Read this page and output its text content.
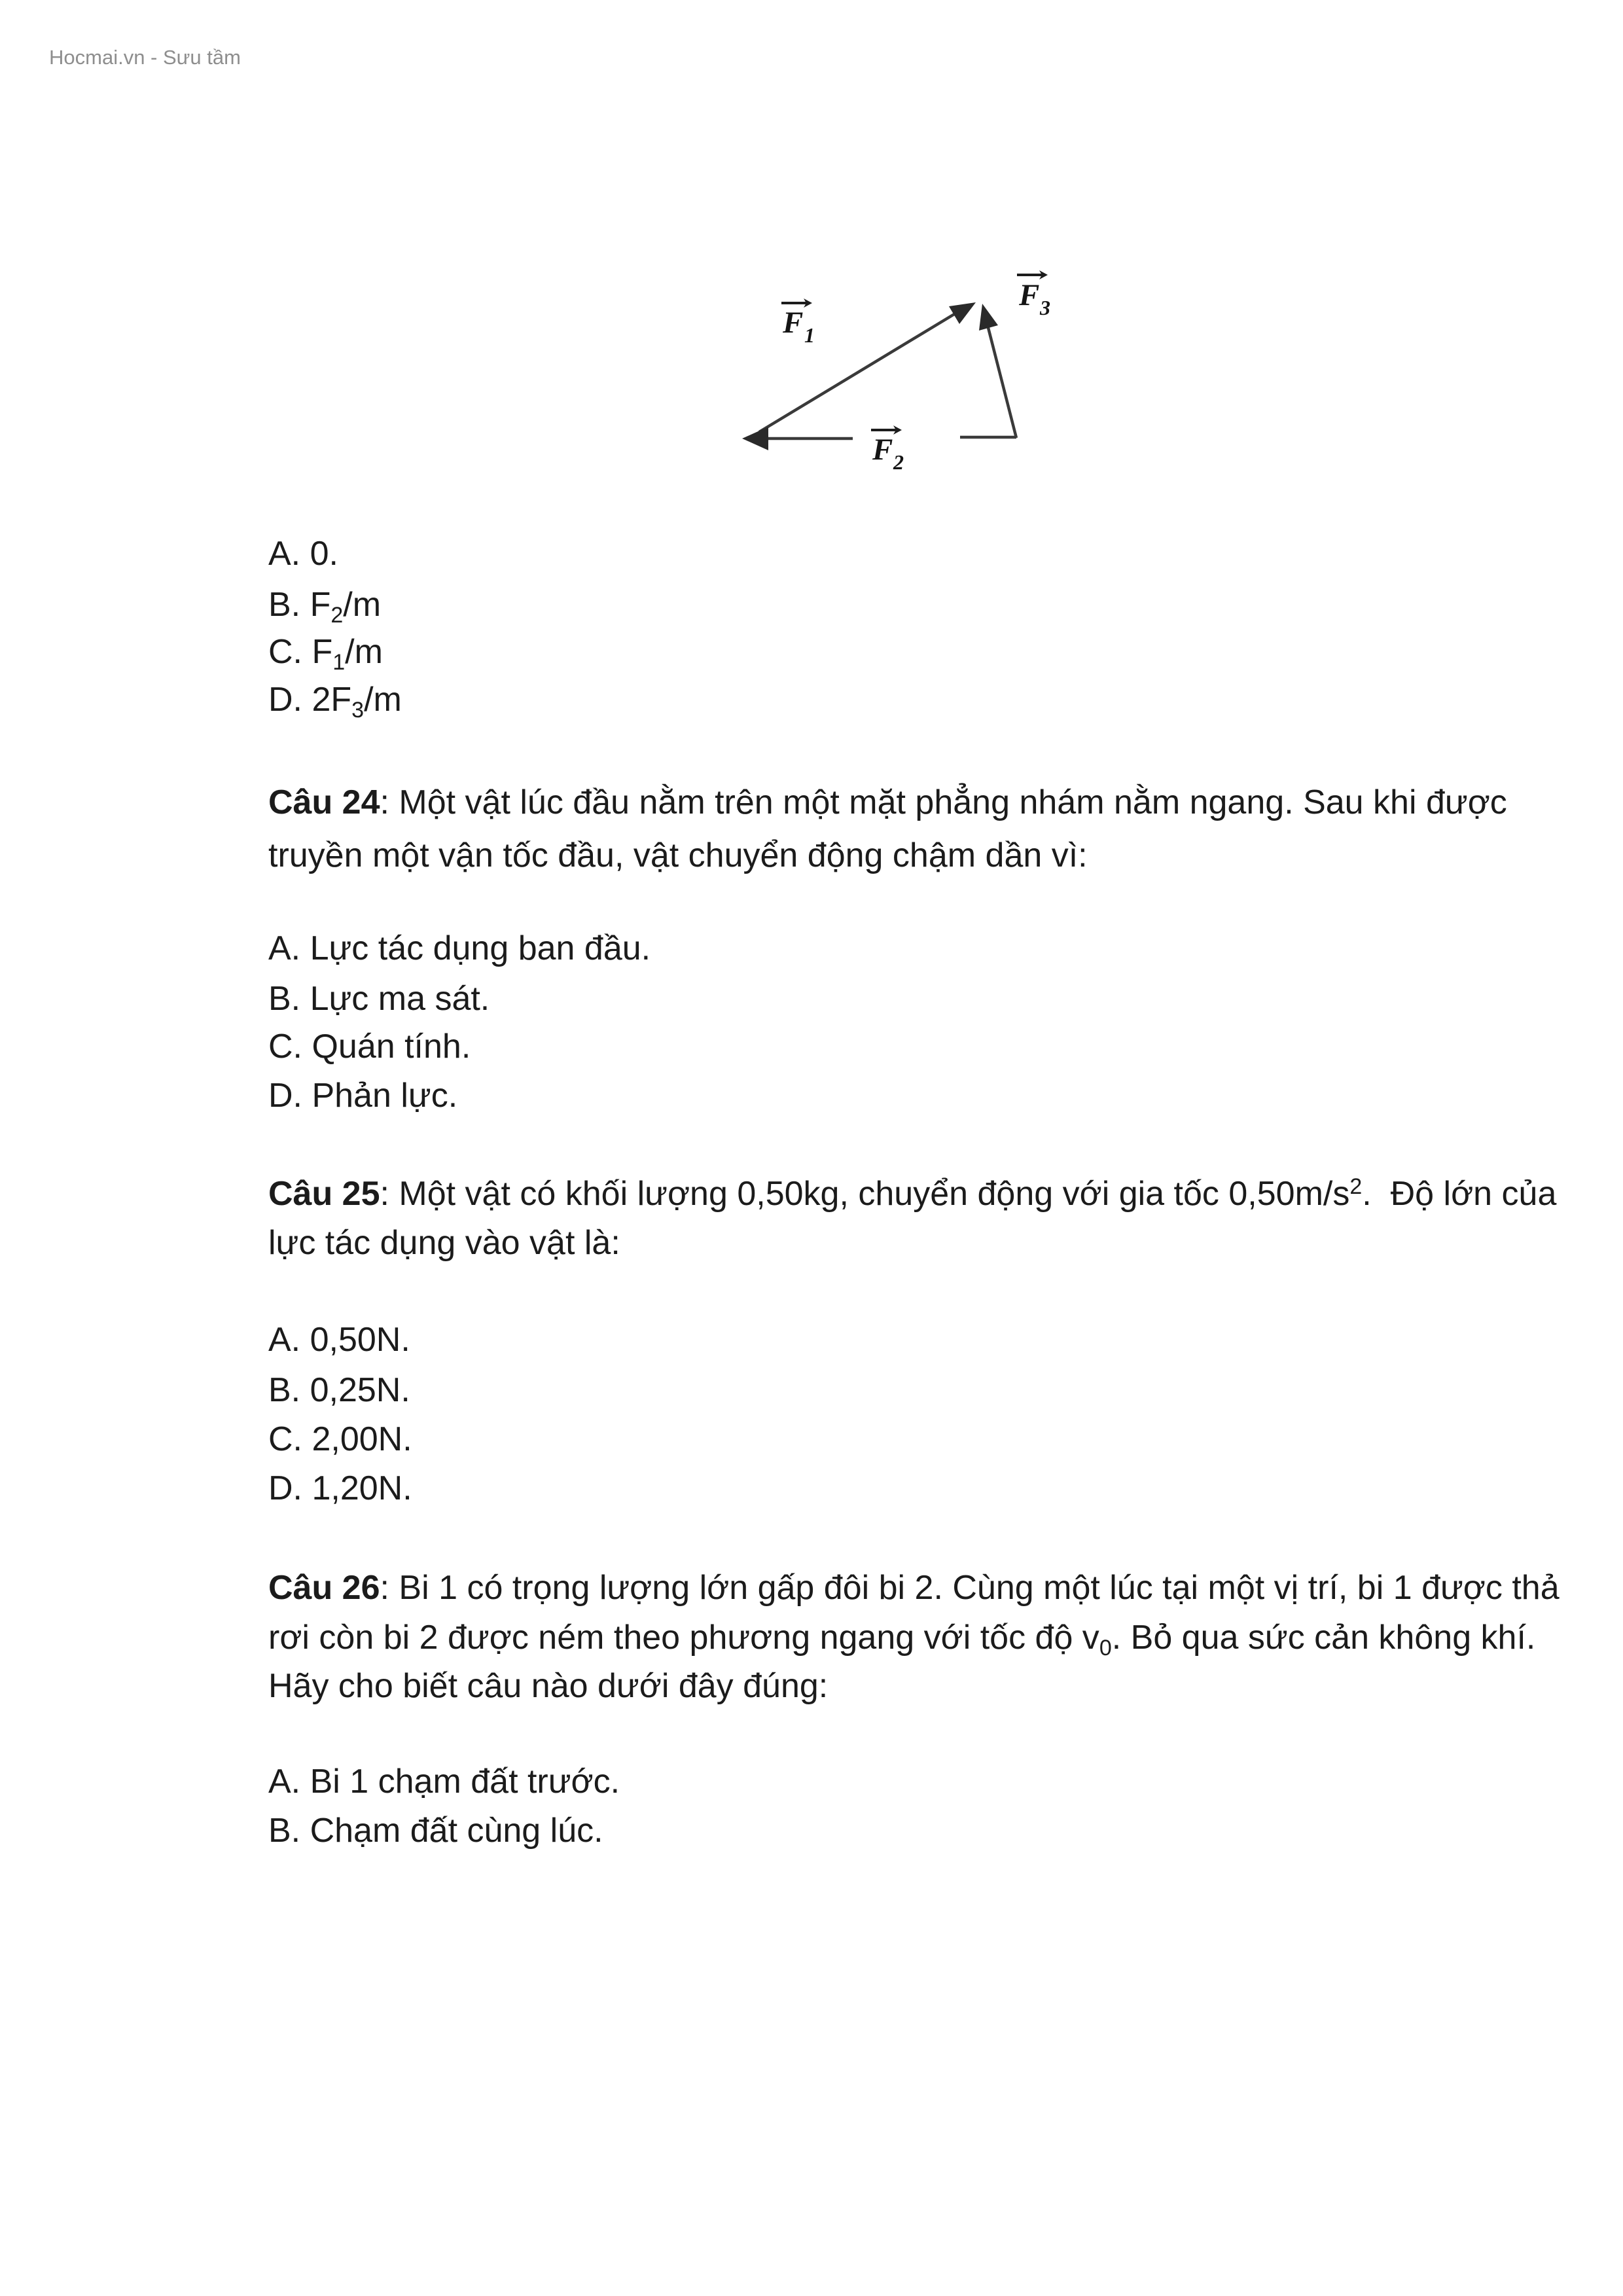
Hocmai.vn - Sưu tầm
F 1
F 2
F 3
A. 0.
B. F2/m
C. F1/m
D. 2F3/m
Câu 24: Một vật lúc đầu nằm trên một mặt phẳng nhám nằm ngang. Sau khi được
truyền một vận tốc đầu, vật chuyển động chậm dần vì:
A. Lực tác dụng ban đầu.
B. Lực ma sát.
C. Quán tính.
D. Phản lực.
Câu 25: Một vật có khối lượng 0,50kg, chuyển động với gia tốc $0,50m/s^2$.  Độ lớn của
lực tác dụng vào vật là:
A. 0,50N.
B. 0,25N.
C. 2,00N.
D. 1,20N.
Câu 26: Bi 1 có trọng lượng lớn gấp đôi bi 2. Cùng một lúc tại một vị trí, bi 1 được thả
rơi còn bi 2 được ném theo phương ngang với tốc độ v0. Bỏ qua sức cản không khí.
Hãy cho biết câu nào dưới đây đúng:
A. Bi 1 chạm đất trước.
B. Chạm đất cùng lúc.
